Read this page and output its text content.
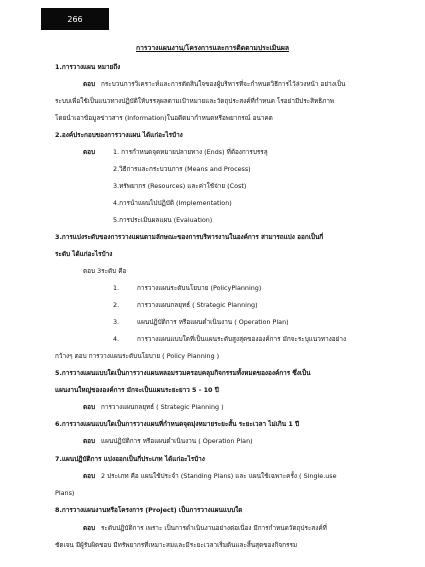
266
การวางแผนงาน/โครงการและการติดตามประเมินผล
1.การวางแผน หมายถึง
ตอบ กระบวนการวิเคราะห์และการตัดสินใจของผู้บริหารที่จะกำหนดวิธีการไว้ล่วงหน้า อย่างเป็น
ระบบเพื่อใช้เป็นแนวทางปฏิบัติให้บรรลุผลตามเป้าหมายและวัตถุประสงค์ที่กำหนด โรอย่ามีประสิทธิภาพ
โดยนำเอาข้อมูลข่าวสาร (Information)ในอดีตมากำหนดหรือพยากรณ์ อนาคต
2.องค์ประกอบของการวางแผน ได้แก่อะไรบ้าง
ตอบ	1. การกำหนดจุดหมายปลายทาง (Ends) ที่ต้องการบรรลุ
2.วิธีการและกระบวนการ (Means and Process)
3.ทรัพยากร (Resources) และค่าใช้จ่าย (Cost)
4.การนำแผนไปปฏิบัติ (Implementation)
5.การประเมินผลแผน (Evaluation)
3.การแบ่งระดับของการวางแผนตามลักษณะของการบริหารงานในองค์การ สามารถแบ่ง ออกเป็นกี่
ระดับ ได้แก่อะไรบ้าง
ตอบ 3ระดับ คือ
1.	การวางแผนระดับนโยบาย (PolicyPlanning)
2.	การวางแผนกลยุทธ์ ( Strategic Planning)
3.	แผนปฏิบัติการ หรือแผนดำเนินงาน ( Operation Plan)
4.	การวางแผนแบบใดที่เป็นแผนระดับสูงสุดขององค์การ มักจะระบุแนวทางอย่าง
กว้างๆ ตอบ การวางแผนระดับนโยบาย ( Policy Planning )
5.การวางแผนแบบใดเป็นการวางแผนหลอมรวมครอบคลุมกิจกรรมทั้งหมดขององค์การ ซึ่งเป็น
แผนงานใหญ่ขององค์การ มักจะเป็นแผนระยะยาว 5 - 10 ปี
ตอบ การวางแผนกลยุทธ์ ( Strategic Planning )
6.การวางแผนแบบใดเป็นการวางแผนที่กำหนดจุดมุ่งหมายระยะสั้น ระยะเวลา ไม่เกิน 1 ปี
ตอบ แผนปฏิบัติการ หรือแผนดำเนินงาน ( Operation Plan)
7.แผนปฏิบัติการ แบ่งออกเป็นกี่ประเภท ได้แก่อะไรบ้าง
ตอบ 2 ประเภท คือ แผนใช้ประจำ (Standing Plans) และ แผนใช้เฉพาะครั้ง ( Single.use
Plans)
8.การวางแผนงานหรือโครงการ (Project) เป็นการวางแผนแบบใด
ตอบ ระดับปฏิบัติการ เพราะ เป็นการดำเนินงานอย่างต่อเนื่อง มีการกำหนดวัตถุประสงค์ที่
ชัดเจน มีผู้รับผิดชอบ มีทรัพยากรที่เหมาะสมและมีระยะเวลาเริ่มต้นและสิ้นสุดของกิจกรรม
